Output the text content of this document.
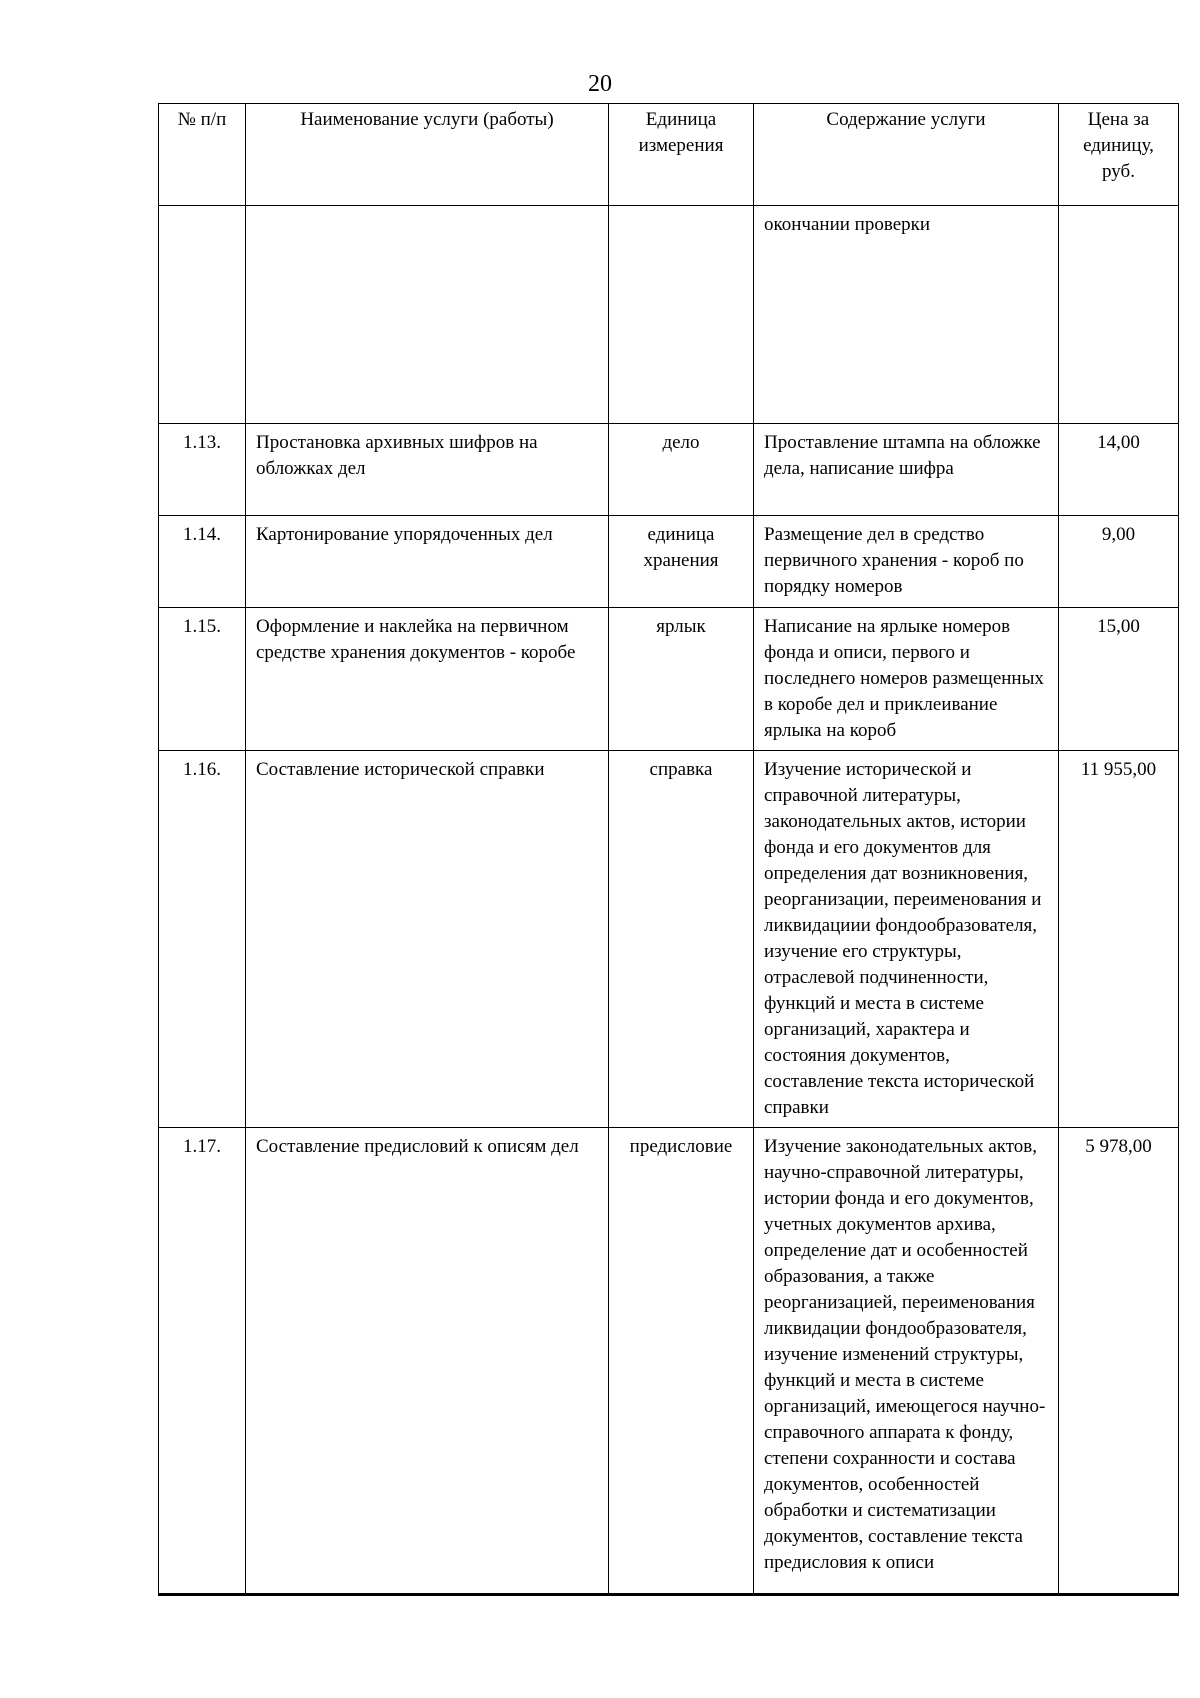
20
№ п/п	Наименование услуги (работы)	Единица измерения	Содержание услуги	Цена за единицу, руб.
			окончании проверки	
1.13.	Простановка архивных шифров на обложках дел	дело	Проставление штампа на обложке дела, написание шифра	14,00
1.14.	Картонирование упорядоченных дел	единица хранения	Размещение дел в средство первичного хранения - короб по порядку номеров	9,00
1.15.	Оформление и наклейка на первичном средстве хранения документов - коробе	ярлык	Написание на ярлыке номеров фонда и описи, первого и последнего номеров размещенных в коробе дел и приклеивание ярлыка на короб	15,00
1.16.	Составление исторической справки	справка	Изучение исторической и справочной литературы, законодательных актов, истории фонда и его документов для определения дат возникновения, реорганизации, переименования и ликвидациии фондообразователя, изучение его структуры, отраслевой подчиненности, функций и места в системе организаций, характера и состояния документов, составление текста исторической справки	11 955,00
1.17.	Составление предисловий к описям дел	предисловие	Изучение законодательных актов, научно-справочной литературы, истории фонда и его документов, учетных документов архива, определение дат и особенностей образования, а также реорганизацией, переименования ликвидации фондообразователя, изучение изменений структуры, функций и места в системе организаций, имеющегося научно-справочного аппарата к фонду, степени сохранности и состава документов, особенностей обработки и систематизации документов, составление текста предисловия к описи	5 978,00
